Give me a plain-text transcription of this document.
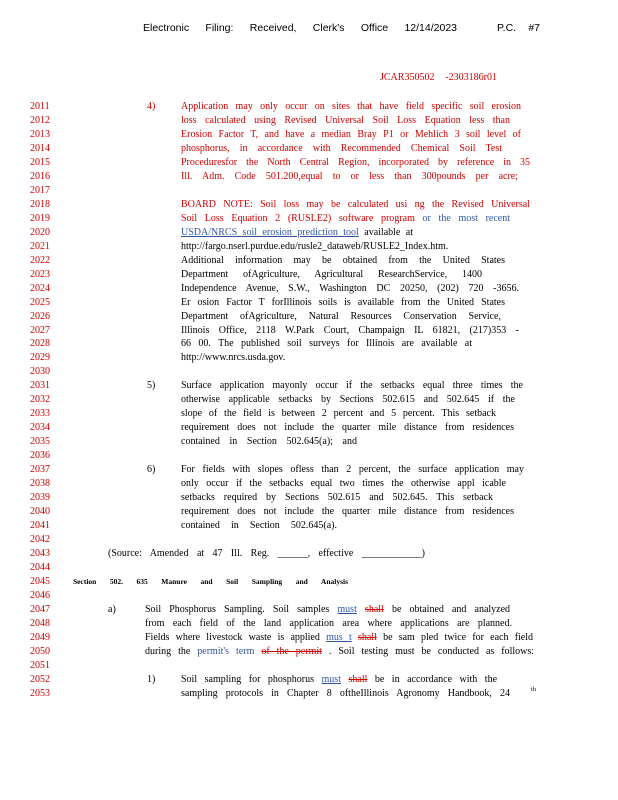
Electronic Filing: Received, Clerk's Office 12/14/2023	P.C. #7
JCAR350502 -2303186r01
2011	4)	Application may only occur on sites that have field specific soil erosion
2012	loss calculated using Revised Universal Soil Loss Equation less than
2013	Erosion Factor T, and have a median Bray P1 or Mehlich 3 soil level of
2014	phosphorus, in accordance with Recommended Chemical Soil Test
2015	Proceduresfor the North Central Region, incorporated by reference in 35
2016	Ill. Adm. Code 501.200,equal to or less than 300pounds per acre;
2017
2018	BOARD NOTE: Soil loss may be calculated usi ng the Revised Universal
2019	Soil Loss Equation 2 (RUSLE2) software program or the most recent
2020	USDA/NRCS soil erosion prediction tool available at
2021	http://fargo.nserl.purdue.edu/rusle2_dataweb/RUSLE2_Index.htm.
2022	Additional information may be obtained from the United States
2023	Department ofAgriculture, Agricultural ResearchService, 1400
2024	Independence Avenue, S.W., Washington DC 20250, (202) 720 -3656.
2025	Er osion Factor T forIllinois soils is available from the United States
2026	Department ofAgriculture, Natural Resources Conservation Service,
2027	Illinois Office, 2118 W.Park Court, Champaign IL 61821, (217)353 -
2028	66 00. The published soil surveys for Illinois are available at
2029	http://www.nrcs.usda.gov.
2030
2031	5)	Surface application mayonly occur if the setbacks equal three times the
2032	otherwise applicable setbacks by Sections 502.615 and 502.645 if the
2033	slope of the field is between 2 percent and 5 percent. This setback
2034	requirement does not include the quarter mile distance from residences
2035	contained in Section 502.645(a); and
2036
2037	6)	For fields with slopes ofless than 2 percent, the surface application may
2038	only occur if the setbacks equal two times the otherwise appl icable
2039	setbacks required by Sections 502.615 and 502.645. This setback
2040	requirement does not include the quarter mile distance from residences
2041	contained in Section 502.645(a).
2042
2043	(Source: Amended at 47 Ill. Reg. ______, effective ____________)
2044
2045	Section 502. 635 Manure and Soil Sampling and Analysis
2046
2047	a)	Soil Phosphorus Sampling. Soil samples must shall be obtained and analyzed
2048	from each field of the land application area where applications are planned.
2049	Fields where livestock waste is applied mus t shall be sam pled twice for each field
2050	during the permit's term of the permit . Soil testing must be conducted as follows:
2051
2052	1)	Soil sampling for phosphorus must shall be in accordance with the
2053	sampling protocols in Chapter 8 oftheIllinois Agronomy Handbook, 24	th
